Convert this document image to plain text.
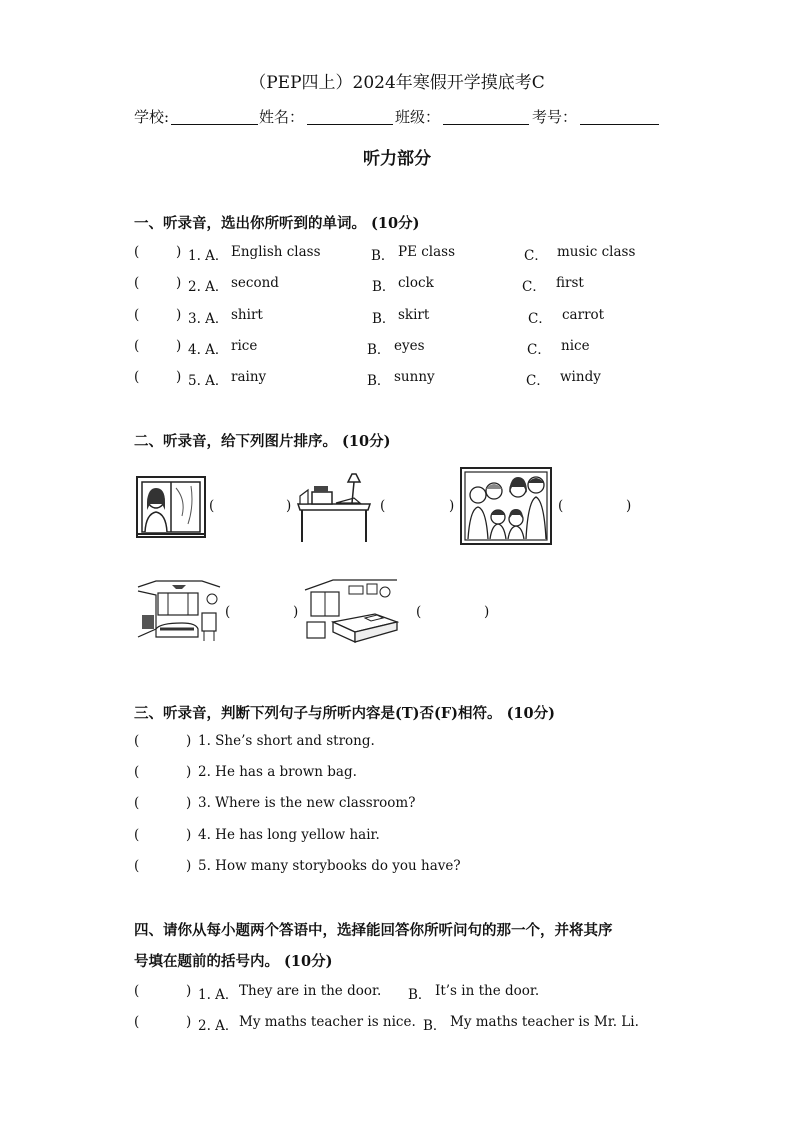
（PEP四上）2024年寒假开学摸底考C
学校:	姓名：	班级：	考号：
听力部分
一、听录音，选出你所听到的单词。 (10分)
(	) 1. A． English class	B． PE class	C． music class
(	) 2. A． second	B． clock	C． first
(	) 3. A． shirt	B． skirt	C． carrot
(	) 4. A． rice	B． eyes	C． nice
(	) 5. A． rainy	B． sunny	C． windy
二、听录音，给下列图片排序。 (10分)
(	)	(	)	(	)
(	)	(	)
三、听录音，判断下列句子与所听内容是(T)否(F)相符。 (10分)
(	) 1. She’s short and strong.
(	) 2. He has a brown bag.
(	) 3. Where is the new classroom?
(	) 4. He has long yellow hair.
(	) 5. How many storybooks do you have?
四、请你从每小题两个答语中，选择能回答你所听问句的那一个，并将其序
号填在题前的括号内。 (10分)
(	) 1. A． They are in the door. B． It’s in the door.
(	) 2. A． My maths teacher is nice. B． My maths teacher is Mr. Li.
